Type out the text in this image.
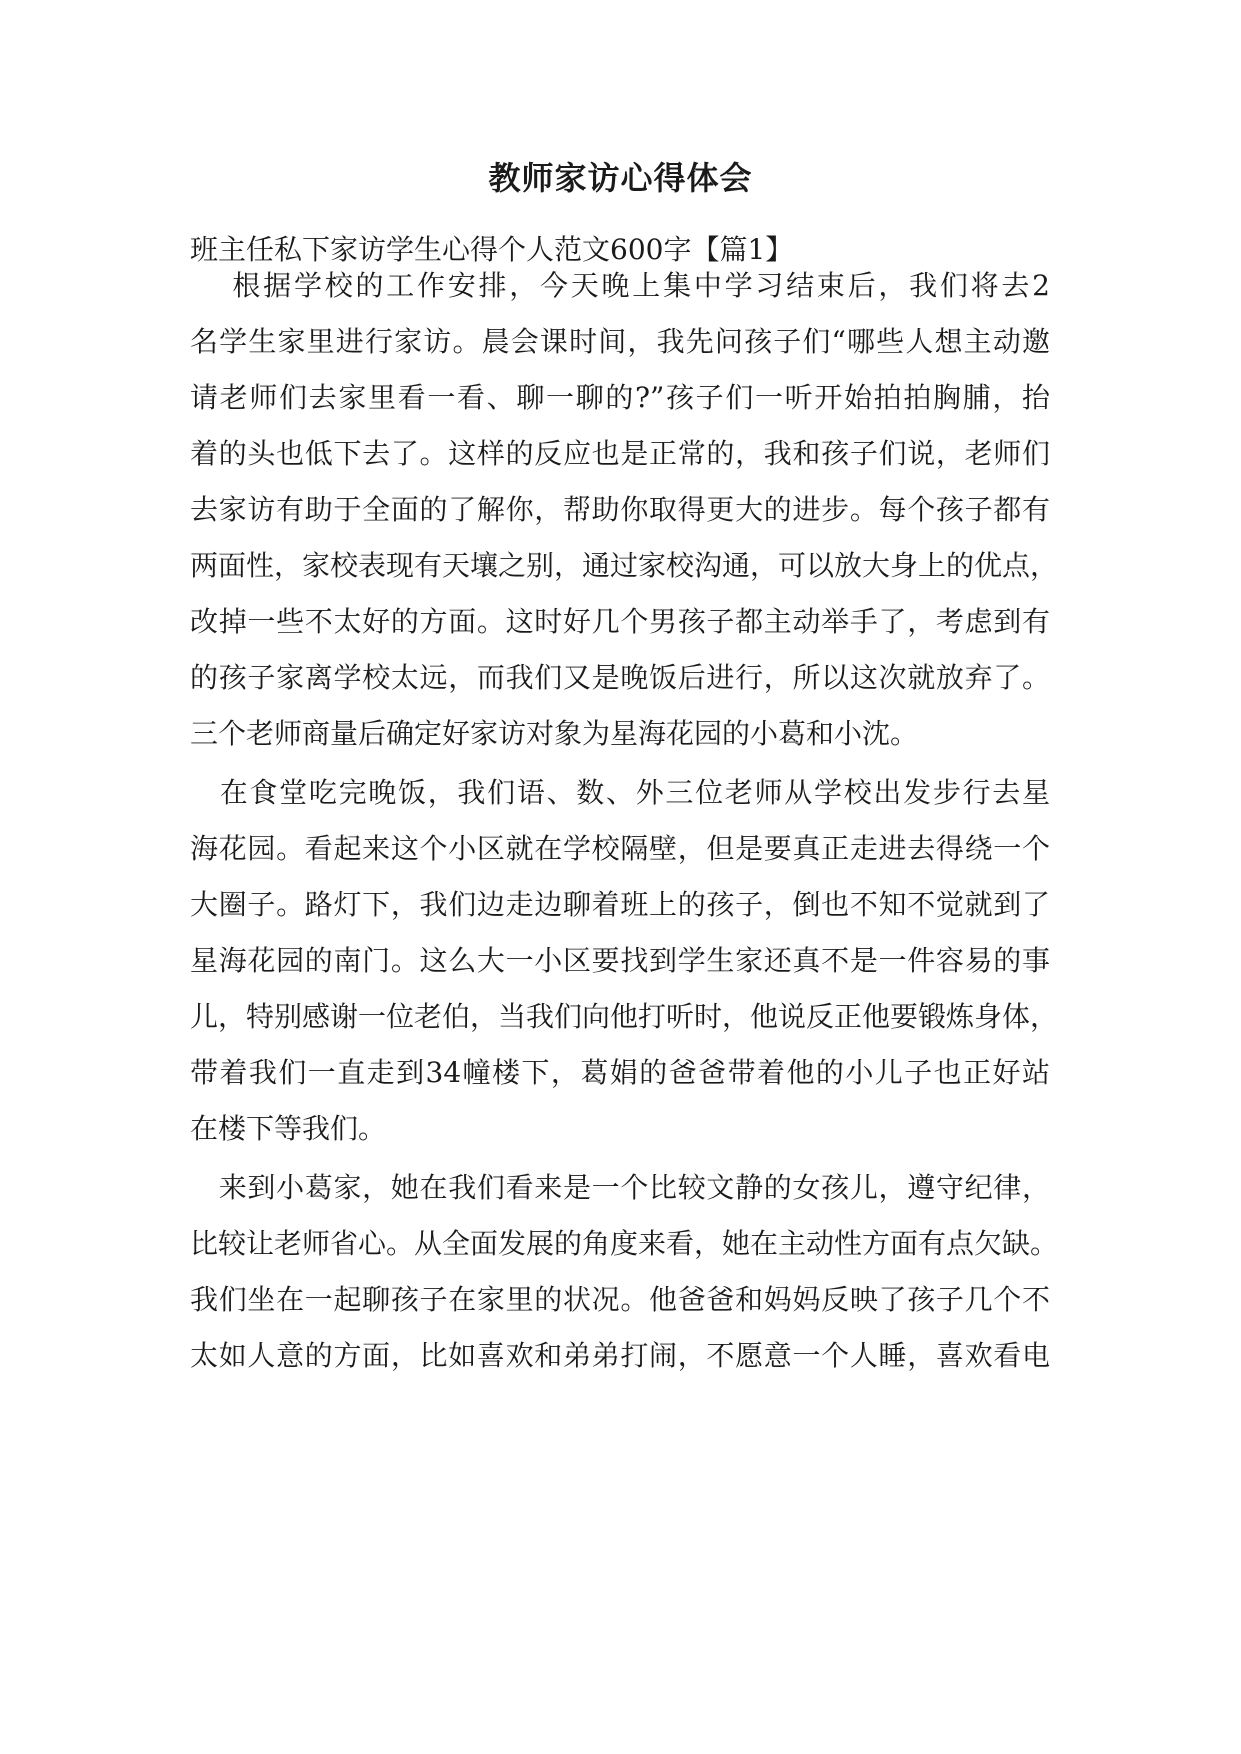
教师家访心得体会
班主任私下家访学生心得个人范文600字【篇1】
　 根据学校的工作安排，今天晚上集中学习结束后，我们将去2
名学生家里进行家访。晨会课时间，我先问孩子们“哪些人想主动邀
请老师们去家里看一看、聊一聊的?”孩子们一听开始拍拍胸脯，抬
着的头也低下去了。这样的反应也是正常的，我和孩子们说，老师们
去家访有助于全面的了解你，帮助你取得更大的进步。每个孩子都有
两面性，家校表现有天壤之别，通过家校沟通，可以放大身上的优点，
改掉一些不太好的方面。这时好几个男孩子都主动举手了，考虑到有
的孩子家离学校太远，而我们又是晚饭后进行，所以这次就放弃了。
三个老师商量后确定好家访对象为星海花园的小葛和小沈。
　在食堂吃完晚饭，我们语、数、外三位老师从学校出发步行去星
海花园。看起来这个小区就在学校隔壁，但是要真正走进去得绕一个
大圈子。路灯下，我们边走边聊着班上的孩子，倒也不知不觉就到了
星海花园的南门。这么大一小区要找到学生家还真不是一件容易的事
儿，特别感谢一位老伯，当我们向他打听时，他说反正他要锻炼身体，
带着我们一直走到34幢楼下，葛娟的爸爸带着他的小儿子也正好站
在楼下等我们。
　来到小葛家，她在我们看来是一个比较文静的女孩儿，遵守纪律，
比较让老师省心。从全面发展的角度来看，她在主动性方面有点欠缺。
我们坐在一起聊孩子在家里的状况。他爸爸和妈妈反映了孩子几个不
太如人意的方面，比如喜欢和弟弟打闹，不愿意一个人睡，喜欢看电
